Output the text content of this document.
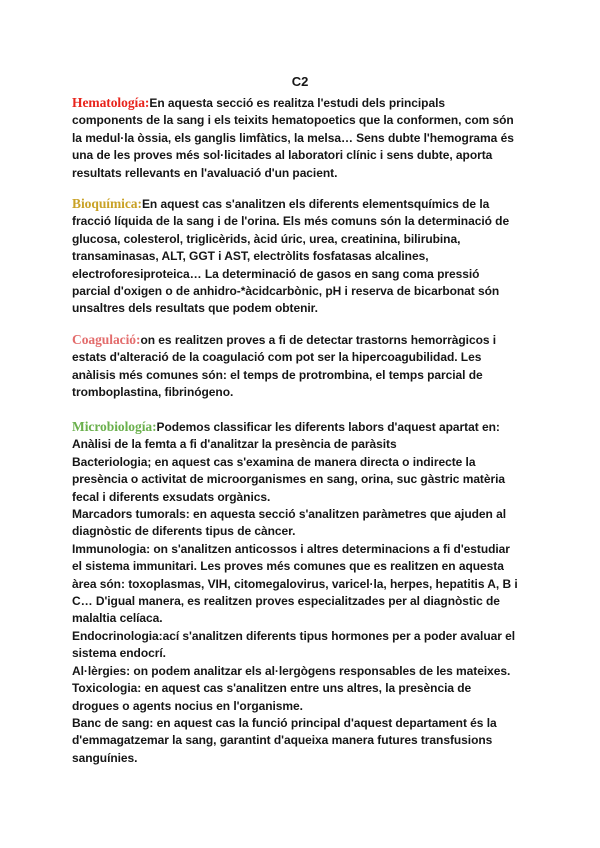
C2
Hematología:En aquesta secció es realitza l'estudi dels principals
components de la sang i els teixits hematopoetics que la conformen, com són
la medul·la òssia, els ganglis limfàtics, la melsa… Sens dubte l'hemograma és
una de les proves més sol·licitades al laboratori clínic i sens dubte, aporta
resultats rellevants en l'avaluació d'un pacient.
Bioquímica:En aquest cas s'analitzen els diferents elementsquímics de la
fracció líquida de la sang i de l'orina. Els més comuns són la determinació de
glucosa, colesterol, triglicèrids, àcid úric, urea, creatinina, bilirubina,
transaminasas, ALT, GGT i AST, electròlits fosfatasas alcalines,
electroforesiproteica… La determinació de gasos en sang coma pressió
parcial d'oxigen o de anhidro-*àcidcarbònic, pH i reserva de bicarbonat són
unsaltres dels resultats que podem obtenir.
Coagulació:on es realitzen proves a fi de detectar trastorns hemorràgicos i
estats d'alteració de la coagulació com pot ser la hipercoagubilidad. Les
anàlisis més comunes són: el temps de protrombina, el temps parcial de
tromboplastina, fibrinógeno.
Microbiología:Podemos classificar les diferents labors d'aquest apartat en:
Anàlisi de la femta a fi d'analitzar la presència de paràsits
Bacteriologia; en aquest cas s'examina de manera directa o indirecte la
presència o activitat de microorganismes en sang, orina, suc gàstric matèria
fecal i diferents exsudats orgànics.
Marcadors tumorals: en aquesta secció s'analitzen paràmetres que ajuden al
diagnòstic de diferents tipus de càncer.
Immunologia: on s'analitzen anticossos i altres determinacions a fi d'estudiar
el sistema immunitari. Les proves més comunes que es realitzen en aquesta
àrea són: toxoplasmas, VIH, citomegalovirus, varicel·la, herpes, hepatitis A, B i
C… D'igual manera, es realitzen proves especialitzades per al diagnòstic de
malaltia celíaca.
Endocrinologia:ací s'analitzen diferents tipus hormones per a poder avaluar el
sistema endocrí.
Al·lèrgies: on podem analitzar els al·lergògens responsables de les mateixes.
Toxicologia: en aquest cas s'analitzen entre uns altres, la presència de
drogues o agents nocius en l'organisme.
Banc de sang: en aquest cas la funció principal d'aquest departament és la
d'emmagatzemar la sang, garantint d'aqueixa manera futures transfusions
sanguínies.
